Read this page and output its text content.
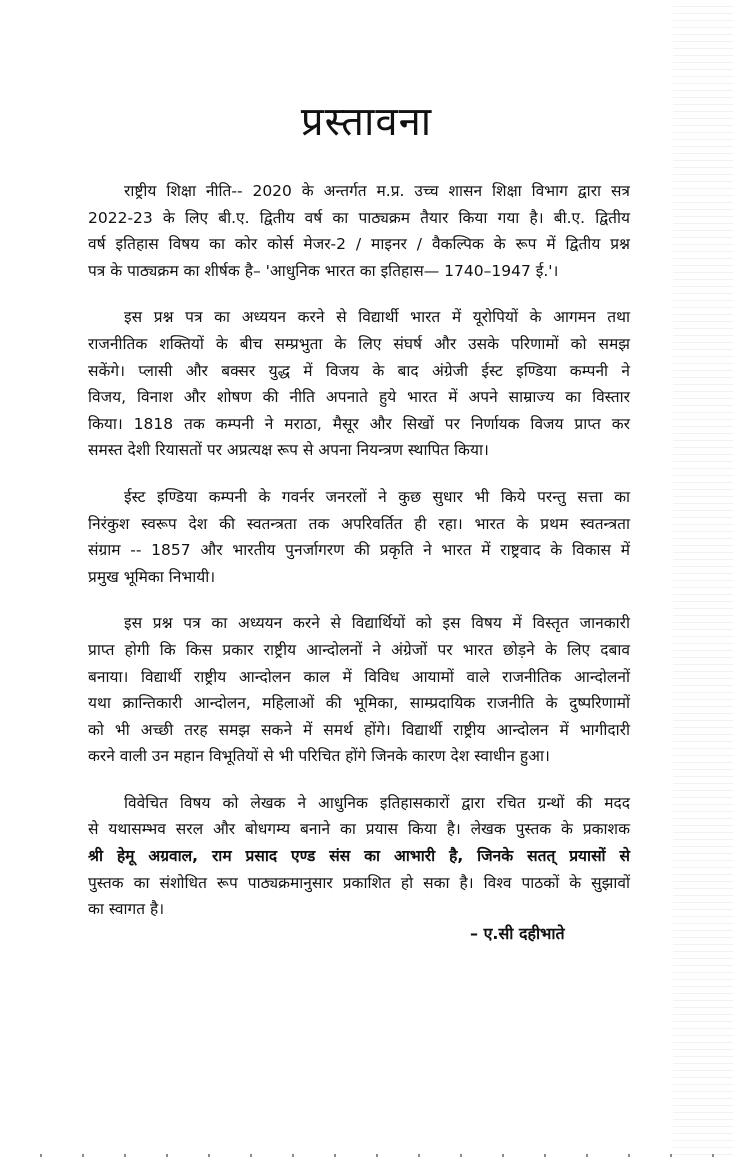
प्रस्तावना
राष्ट्रीय शिक्षा नीति-- 2020 के अन्तर्गत म.प्र. उच्च शासन शिक्षा विभाग द्वारा सत्र
2022-23 के लिए बी.ए. द्वितीय वर्ष का पाठ्यक्रम तैयार किया गया है। बी.ए. द्वितीय
वर्ष इतिहास विषय का कोर कोर्स मेजर-2 / माइनर / वैकल्पिक के रूप में द्वितीय प्रश्न
पत्र के पाठ्यक्रम का शीर्षक है– 'आधुनिक भारत का इतिहास— 1740–1947 ई.'।
इस प्रश्न पत्र का अध्ययन करने से विद्यार्थी भारत में यूरोपियों के आगमन तथा
राजनीतिक शक्तियों के बीच सम्प्रभुता के लिए संघर्ष और उसके परिणामों को समझ
सकेंगे। प्लासी और बक्सर युद्ध में विजय के बाद अंग्रेजी ईस्ट इण्डिया कम्पनी ने
विजय, विनाश और शोषण की नीति अपनाते हुये भारत में अपने साम्राज्य का विस्तार
किया। 1818 तक कम्पनी ने मराठा, मैसूर और सिखों पर निर्णायक विजय प्राप्त कर
समस्त देशी रियासतों पर अप्रत्यक्ष रूप से अपना नियन्त्रण स्थापित किया।
ईस्ट इण्डिया कम्पनी के गवर्नर जनरलों ने कुछ सुधार भी किये परन्तु सत्ता का
निरंकुश स्वरूप देश की स्वतन्त्रता तक अपरिवर्तित ही रहा। भारत के प्रथम स्वतन्त्रता
संग्राम -- 1857 और भारतीय पुनर्जागरण की प्रकृति ने भारत में राष्ट्रवाद के विकास में
प्रमुख भूमिका निभायी।
इस प्रश्न पत्र का अध्ययन करने से विद्यार्थियों को इस विषय में विस्तृत जानकारी
प्राप्त होगी कि किस प्रकार राष्ट्रीय आन्दोलनों ने अंग्रेजों पर भारत छोड़ने के लिए दबाव
बनाया। विद्यार्थी राष्ट्रीय आन्दोलन काल में विविध आयामों वाले राजनीतिक आन्दोलनों
यथा क्रान्तिकारी आन्दोलन, महिलाओं की भूमिका, साम्प्रदायिक राजनीति के दुष्परिणामों
को भी अच्छी तरह समझ सकने में समर्थ होंगे। विद्यार्थी राष्ट्रीय आन्दोलन में भागीदारी
करने वाली उन महान विभूतियों से भी परिचित होंगे जिनके कारण देश स्वाधीन हुआ।
विवेचित विषय को लेखक ने आधुनिक इतिहासकारों द्वारा रचित ग्रन्थों की मदद
से यथासम्भव सरल और बोधगम्य बनाने का प्रयास किया है। लेखक पुस्तक के प्रकाशक
श्री हेमू अग्रवाल, राम प्रसाद एण्ड संस का आभारी है, जिनके सतत् प्रयासों से
पुस्तक का संशोधित रूप पाठ्यक्रमानुसार प्रकाशित हो सका है। विश्व पाठकों के सुझावों
का स्वागत है।
– ए.सी दहीभाते
